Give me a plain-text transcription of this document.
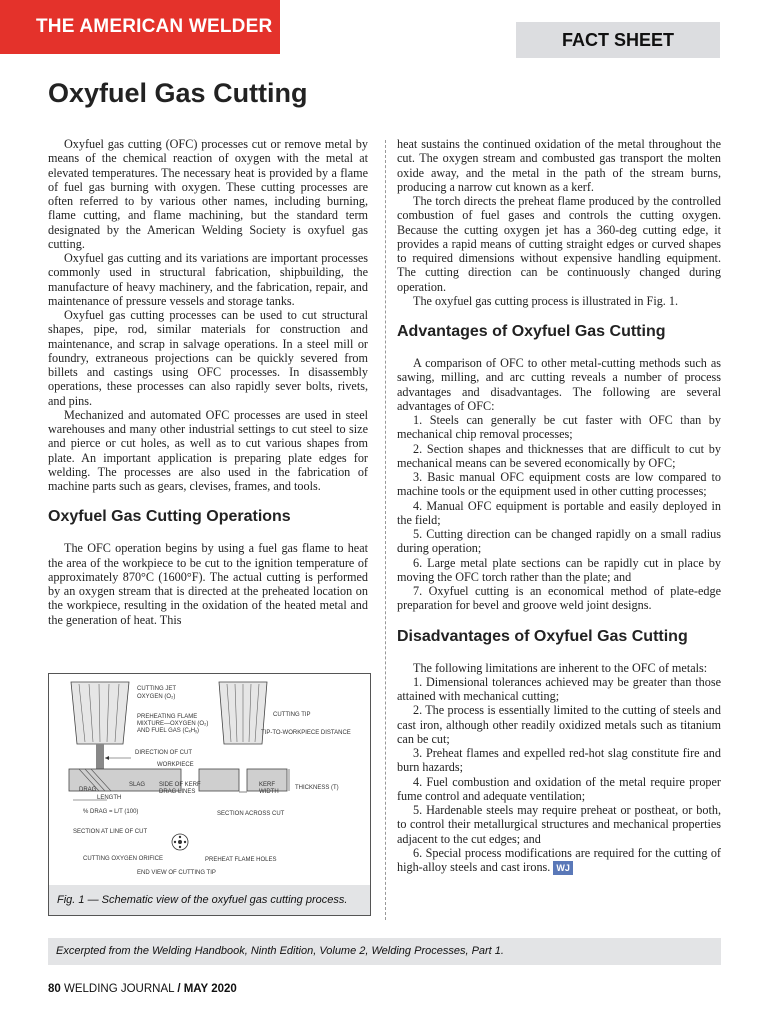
THE AMERICAN WELDER
FACT SHEET
Oxyfuel Gas Cutting

Oxyfuel gas cutting (OFC) processes cut or remove metal by means of the chemical reaction of oxygen with the metal at elevated temperatures. The necessary heat is provided by a flame of fuel gas burning with oxygen. These cutting processes are often referred to by various other names, including burning, flame cutting, and flame machining, but the standard term designated by the American Welding Society is oxyfuel gas cutting.

Oxyfuel gas cutting and its variations are important processes commonly used in structural fabrication, shipbuilding, the manufacture of heavy machinery, and the fabrication, repair, and maintenance of pressure vessels and storage tanks.

Oxyfuel gas cutting processes can be used to cut structural shapes, pipe, rod, similar materials for construction and maintenance, and scrap in salvage operations. In a steel mill or foundry, extraneous projections can be quickly severed from billets and castings using OFC processes. In disassembly operations, these processes can also rapidly sever bolts, rivets, and pins.

Mechanized and automated OFC processes are used in steel warehouses and many other industrial settings to cut steel to size and pierce or cut holes, as well as to cut various shapes from plate. An important application is preparing plate edges for welding. The processes are also used in the fabrication of machine parts such as gears, clevises, frames, and tools.

Oxyfuel Gas Cutting Operations

The OFC operation begins by using a fuel gas flame to heat the area of the workpiece to be cut to the ignition temperature of approximately 870°C (1600°F). The actual cutting is performed by an oxygen stream that is directed at the preheated location on the workpiece, resulting in the oxidation of the heated metal and the generation of heat. This

CUTTING JET
OXYGEN (O₂)
PREHEATING FLAME
MIXTURE—OXYGEN (O₂)
AND FUEL GAS (CₓHᵧ)
DIRECTION OF CUT
WORKPIECE
DRAG
SLAG SIDE OF KERF
DRAG LINES
LENGTH
% DRAG = L/T (100)
SECTION AT LINE OF CUT
CUTTING TIP
TIP-TO-WORKPIECE DISTANCE
KERF
WIDTH
THICKNESS (T)
SECTION ACROSS CUT
CUTTING OXYGEN ORIFICE	PREHEAT FLAME HOLES
END VIEW OF CUTTING TIP
Fig. 1 — Schematic view of the oxyfuel gas cutting process.

heat sustains the continued oxidation of the metal throughout the cut. The oxygen stream and combusted gas transport the molten oxide away, and the metal in the path of the stream burns, producing a narrow cut known as a kerf.

The torch directs the preheat flame produced by the controlled combustion of fuel gases and controls the cutting oxygen. Because the cutting oxygen jet has a 360-deg cutting edge, it provides a rapid means of cutting straight edges or curved shapes to required dimensions without expensive handling equipment. The cutting direction can be continuously changed during operation.

The oxyfuel gas cutting process is illustrated in Fig. 1.

Advantages of Oxyfuel Gas Cutting

A comparison of OFC to other metal-cutting methods such as sawing, milling, and arc cutting reveals a number of process advantages and disadvantages. The following are several advantages of OFC:

1. Steels can generally be cut faster with OFC than by mechanical chip removal processes;

2. Section shapes and thicknesses that are difficult to cut by mechanical means can be severed economically by OFC;

3. Basic manual OFC equipment costs are low compared to machine tools or the equipment used in other cutting processes;

4. Manual OFC equipment is portable and easily deployed in the field;

5. Cutting direction can be changed rapidly on a small radius during operation;

6. Large metal plate sections can be rapidly cut in place by moving the OFC torch rather than the plate; and

7. Oxyfuel cutting is an economical method of plate-edge preparation for bevel and groove weld joint designs.

Disadvantages of Oxyfuel Gas Cutting

The following limitations are inherent to the OFC of metals:

1. Dimensional tolerances achieved may be greater than those attained with mechanical cutting;

2. The process is essentially limited to the cutting of steels and cast iron, although other readily oxidized metals such as titanium can be cut;

3. Preheat flames and expelled red-hot slag constitute fire and burn hazards;

4. Fuel combustion and oxidation of the metal require proper fume control and adequate ventilation;

5. Hardenable steels may require preheat or postheat, or both, to control their metallurgical structures and mechanical properties adjacent to the cut edges; and

6. Special process modifications are required for the cutting of high-alloy steels and cast irons. WJ

Excerpted from the Welding Handbook, Ninth Edition, Volume 2, Welding Processes, Part 1.
80 WELDING JOURNAL / MAY 2020
